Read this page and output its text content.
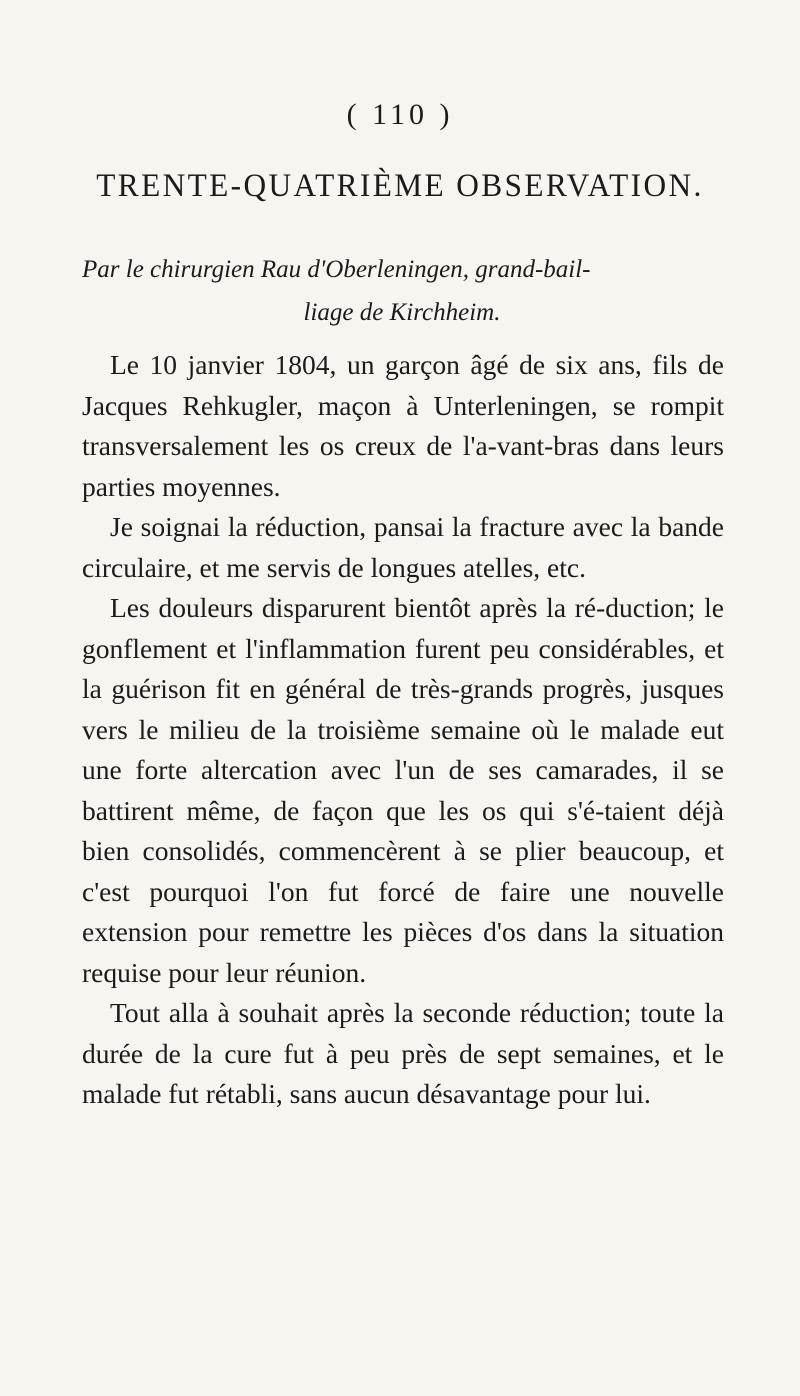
( 110 )
TRENTE-QUATRIÈME OBSERVATION.
Par le chirurgien Rau d'Oberleningen, grand-bail-
liage de Kirchheim.

Le 10 janvier 1804, un garçon âgé de six ans, fils de Jacques Rehkugler, maçon à Unterleningen, se rompit transversalement les os creux de l'a-vant-bras dans leurs parties moyennes.

Je soignai la réduction, pansai la fracture avec la bande circulaire, et me servis de longues atelles, etc.

Les douleurs disparurent bientôt après la ré-duction; le gonflement et l'inflammation furent peu considérables, et la guérison fit en général de très-grands progrès, jusques vers le milieu de la troisième semaine où le malade eut une forte altercation avec l'un de ses camarades, il se battirent même, de façon que les os qui s'é-taient déjà bien consolidés, commencèrent à se plier beaucoup, et c'est pourquoi l'on fut forcé de faire une nouvelle extension pour remettre les pièces d'os dans la situation requise pour leur réunion.

Tout alla à souhait après la seconde réduction; toute la durée de la cure fut à peu près de sept semaines, et le malade fut rétabli, sans aucun désavantage pour lui.
